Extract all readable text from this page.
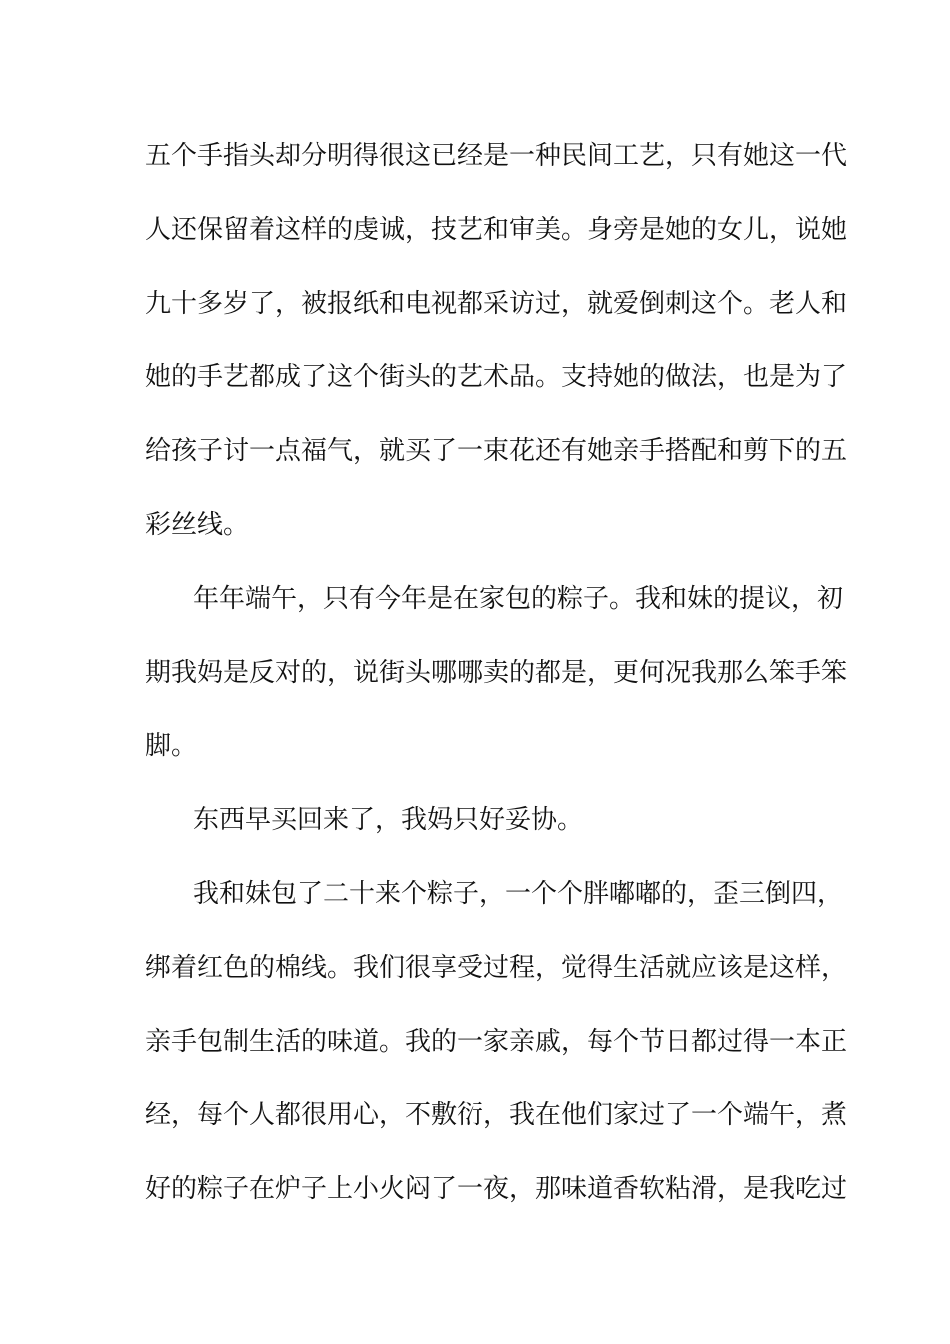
五个手指头却分明得很这已经是一种民间工艺，只有她这一代
人还保留着这样的虔诚，技艺和审美。身旁是她的女儿，说她
九十多岁了，被报纸和电视都采访过，就爱倒刺这个。老人和
她的手艺都成了这个街头的艺术品。支持她的做法，也是为了
给孩子讨一点福气，就买了一束花还有她亲手搭配和剪下的五
彩丝线。
年年端午，只有今年是在家包的粽子。我和妹的提议，初
期我妈是反对的，说街头哪哪卖的都是，更何况我那么笨手笨
脚。
东西早买回来了，我妈只好妥协。
我和妹包了二十来个粽子，一个个胖嘟嘟的，歪三倒四，
绑着红色的棉线。我们很享受过程，觉得生活就应该是这样，
亲手包制生活的味道。我的一家亲戚，每个节日都过得一本正
经，每个人都很用心，不敷衍，我在他们家过了一个端午，煮
好的粽子在炉子上小火闷了一夜，那味道香软粘滑，是我吃过
